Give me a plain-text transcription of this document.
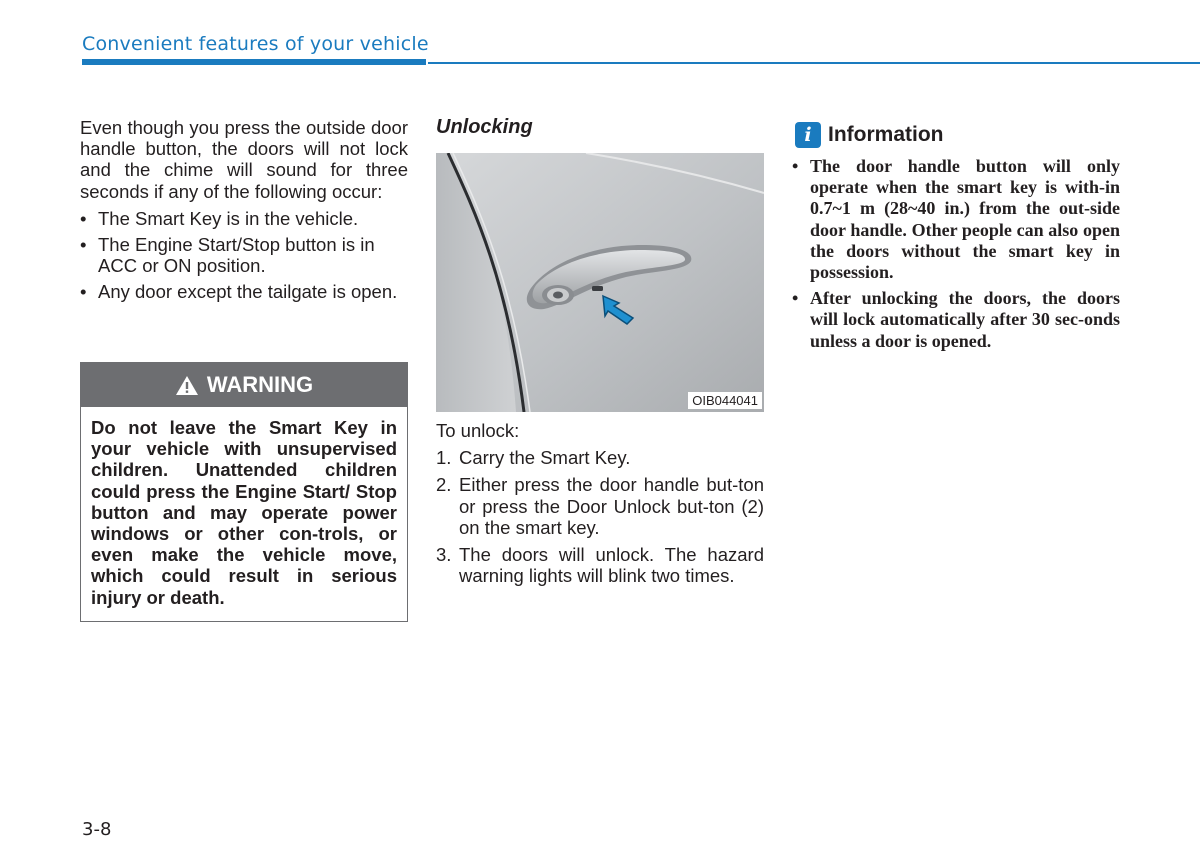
Convenient features of your vehicle

Even though you press the outside door handle button, the doors will not lock and the chime will sound for three seconds if any of the following occur:

• The Smart Key is in the vehicle.
• The Engine Start/Stop button is in ACC or ON position.
• Any door except the tailgate is open.
WARNING
Do not leave the Smart Key in your vehicle with unsupervised children. Unattended children could press the Engine Start/ Stop button and may operate power windows or other con-trols, or even make the vehicle move, which could result in serious injury or death.

Unlocking

OIB044041
To unlock:
1. Carry the Smart Key.
2. Either press the door handle but-ton or press the Door Unlock but-ton (2) on the smart key.
3. The doors will unlock. The hazard warning lights will blink two times.
i Information
• The door handle button will only operate when the smart key is with-in 0.7~1 m (28~40 in.) from the out-side door handle. Other people can also open the doors without the smart key in possession.
• After unlocking the doors, the doors will lock automatically after 30 sec-onds unless a door is opened.
3-8
